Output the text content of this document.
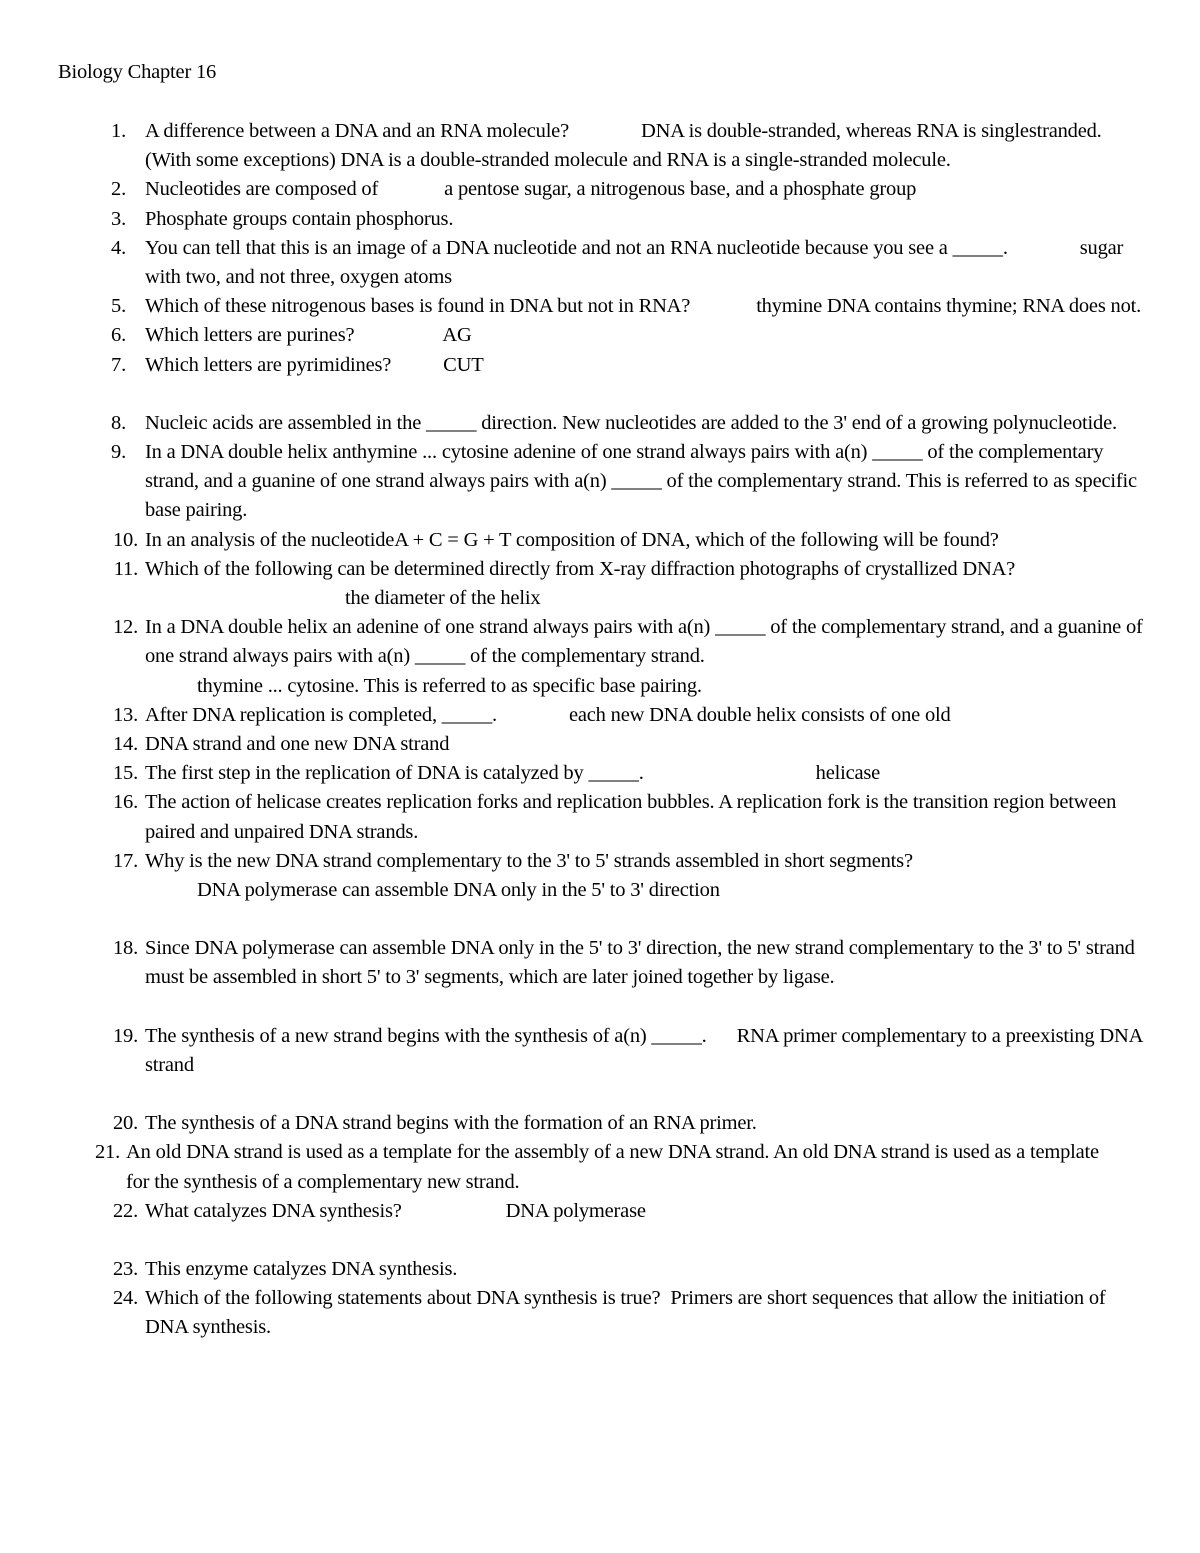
Biology Chapter 16
1. A difference between a DNA and an RNA molecule?	DNA is double-stranded, whereas RNA is singlestranded. (With some exceptions) DNA is a double-stranded molecule and RNA is a single-stranded molecule.
2. Nucleotides are composed of	a pentose sugar, a nitrogenous base, and a phosphate group
3. Phosphate groups contain phosphorus.
4. You can tell that this is an image of a DNA nucleotide and not an RNA nucleotide because you see a _____.	sugar with two, and not three, oxygen atoms
5. Which of these nitrogenous bases is found in DNA but not in RNA?	thymine DNA contains thymine; RNA does not.
6. Which letters are purines?	AG
7. Which letters are pyrimidines?	CUT
8. Nucleic acids are assembled in the _____ direction. New nucleotides are added to the 3' end of a growing polynucleotide.
9. In a DNA double helix anthymine ... cytosine adenine of one strand always pairs with a(n) _____ of the complementary strand, and a guanine of one strand always pairs with a(n) _____ of the complementary strand. This is referred to as specific base pairing.
10. In an analysis of the nucleotideA + C = G + T composition of DNA, which of the following will be found?
11. Which of the following can be determined directly from X-ray diffraction photographs of crystallized DNA?the diameter of the helix
12. In a DNA double helix an adenine of one strand always pairs with a(n) _____ of the complementary strand, and a guanine of one strand always pairs with a(n) _____ of the complementary strand.
thymine ... cytosine. This is referred to as specific base pairing.
13. After DNA replication is completed, _____.	each new DNA double helix consists of one old
14. DNA strand and one new DNA strand
15. The first step in the replication of DNA is catalyzed by _____.	helicase
16. The action of helicase creates replication forks and replication bubbles. A replication fork is the transition region between paired and unpaired DNA strands.
17. Why is the new DNA strand complementary to the 3' to 5' strands assembled in short segments?
DNA polymerase can assemble DNA only in the 5' to 3' direction
18. Since DNA polymerase can assemble DNA only in the 5' to 3' direction, the new strand complementary to the 3' to 5' strand must be assembled in short 5' to 3' segments, which are later joined together by ligase.
19. The synthesis of a new strand begins with the synthesis of a(n) _____. RNA primer complementary to a preexisting DNA strand
20. The synthesis of a DNA strand begins with the formation of an RNA primer.
21. An old DNA strand is used as a template for the assembly of a new DNA strand. An old DNA strand is used as a template for the synthesis of a complementary new strand.
22. What catalyzes DNA synthesis?	DNA polymerase
23. This enzyme catalyzes DNA synthesis.
24. Which of the following statements about DNA synthesis is true? Primers are short sequences that allow the initiation of DNA synthesis.
